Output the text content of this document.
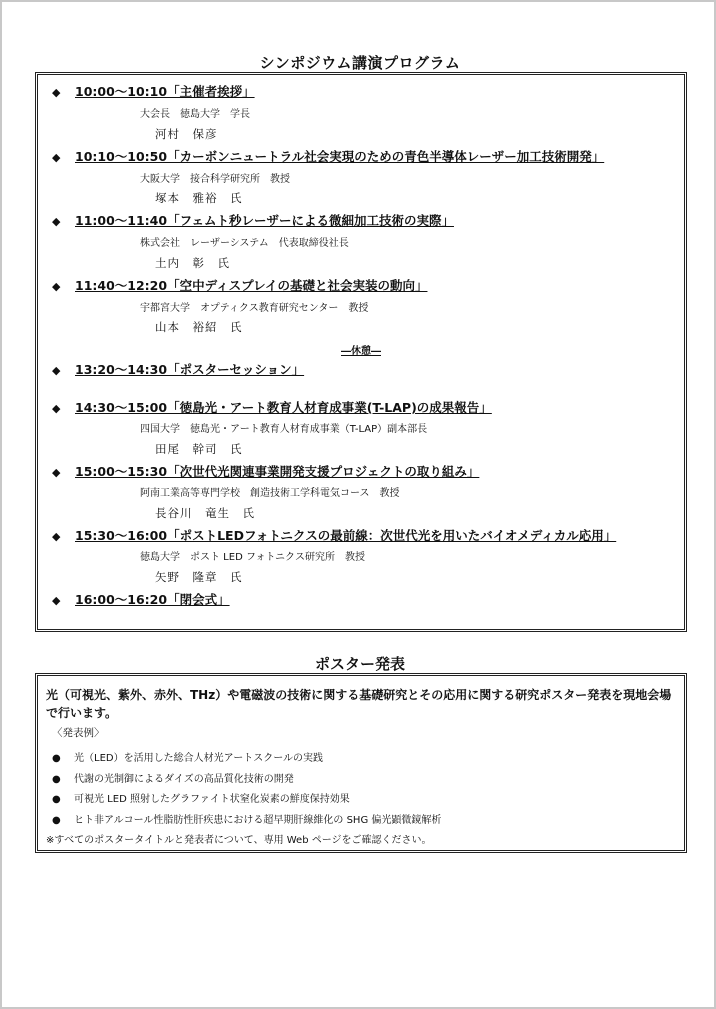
シンポジウム講演プログラム
◆ 10:00～10:10「主催者挨拶」
大会長　徳島大学　学長
河村　保彦
◆ 10:10～10:50「カーボンニュートラル社会実現のための青色半導体レーザー加工技術開発」
大阪大学　接合科学研究所　教授
塚本　雅裕　氏
◆ 11:00～11:40「フェムト秒レーザーによる微細加工技術の実際」
株式会社　レーザーシステム　代表取締役社長
土内　彰　氏
◆ 11:40～12:20「空中ディスプレイの基礎と社会実装の動向」
宇都宮大学　オプティクス教育研究センター　教授
山本　裕紹　氏
―休憩―
◆ 13:20～14:30「ポスターセッション」
◆ 14:30～15:00「徳島光・アート教育人材育成事業(T-LAP)の成果報告」
四国大学　徳島光・アート教育人材育成事業（T-LAP）副本部長
田尾　幹司　氏
◆ 15:00～15:30「次世代光関連事業開発支援プロジェクトの取り組み」
阿南工業高等専門学校　創造技術工学科電気コース　教授
長谷川　竜生　氏
◆ 15:30～16:00「ポストLEDフォトニクスの最前線：次世代光を用いたバイオメディカル応用」
徳島大学　ポスト LED フォトニクス研究所　教授
矢野　隆章　氏
◆ 16:00～16:20「閉会式」
ポスター発表
光（可視光、紫外、赤外、THz）や電磁波の技術に関する基礎研究とその応用に関する研究ポスター発表を現地会場で行います。
〈発表例〉
● 光（LED）を活用した総合人材光アートスクールの実践
● 代謝の光制御によるダイズの高品質化技術の開発
● 可視光 LED 照射したグラファイト状窒化炭素の鮮度保持効果
● ヒト非アルコール性脂肪性肝疾患における超早期肝線維化の SHG 偏光顕微鏡解析
※すべてのポスタータイトルと発表者について、専用 Web ページをご確認ください。
